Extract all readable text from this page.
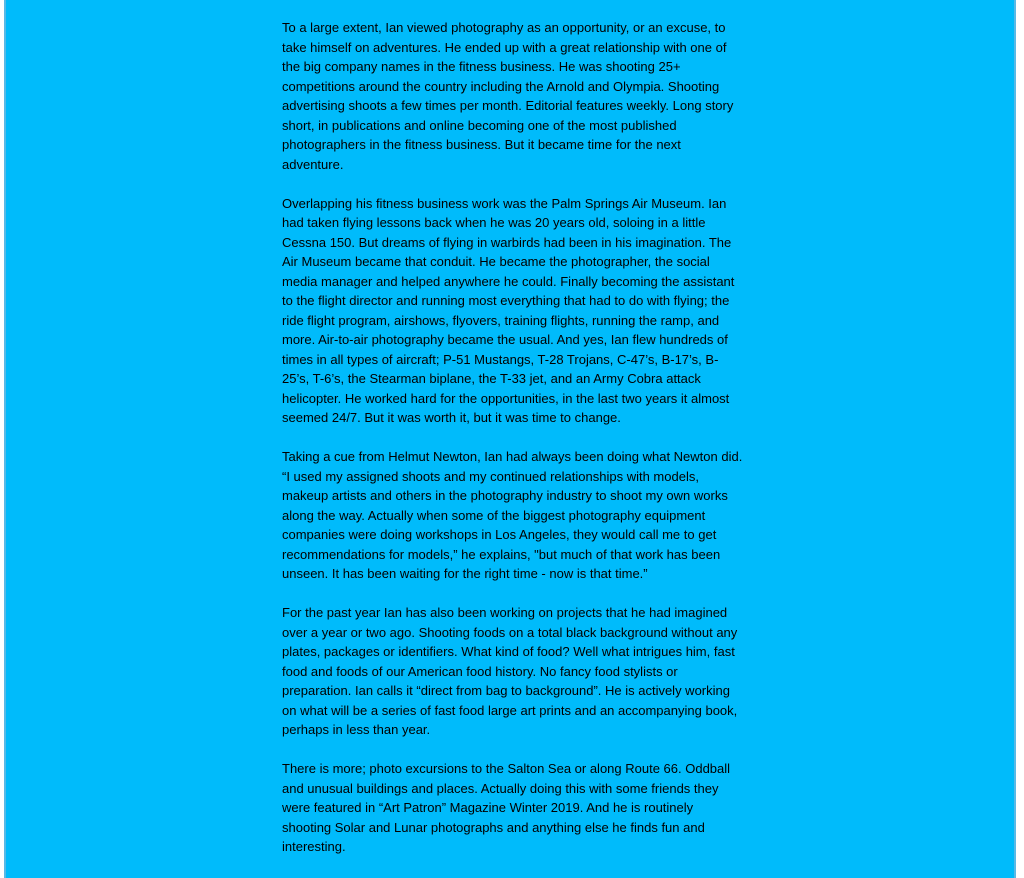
To a large extent, Ian viewed photography as an opportunity, or an excuse, to take himself on adventures. He ended up with a great relationship with one of the big company names in the fitness business. He was shooting 25+ competitions around the country including the Arnold and Olympia. Shooting advertising shoots a few times per month. Editorial features weekly. Long story short, in publications and online becoming one of the most published photographers in the fitness business. But it became time for the next adventure.

Overlapping his fitness business work was the Palm Springs Air Museum. Ian had taken flying lessons back when he was 20 years old, soloing in a little Cessna 150. But dreams of flying in warbirds had been in his imagination. The Air Museum became that conduit. He became the photographer, the social media manager and helped anywhere he could. Finally becoming the assistant to the flight director and running most everything that had to do with flying; the ride flight program, airshows, flyovers, training flights, running the ramp, and more. Air-to-air photography became the usual. And yes, Ian flew hundreds of times in all types of aircraft; P-51 Mustangs, T-28 Trojans, C-47’s, B-17’s, B-25’s, T-6’s, the Stearman biplane, the T-33 jet, and an Army Cobra attack helicopter. He worked hard for the opportunities, in the last two years it almost seemed 24/7. But it was worth it, but it was time to change.

Taking a cue from Helmut Newton, Ian had always been doing what Newton did. “I used my assigned shoots and my continued relationships with models, makeup artists and others in the photography industry to shoot my own works along the way. Actually when some of the biggest photography equipment companies were doing workshops in Los Angeles, they would call me to get recommendations for models,” he explains, "but much of that work has been unseen. It has been waiting for the right time - now is that time.”

For the past year Ian has also been working on projects that he had imagined over a year or two ago. Shooting foods on a total black background without any plates, packages or identifiers. What kind of food? Well what intrigues him, fast food and foods of our American food history. No fancy food stylists or preparation. Ian calls it “direct from bag to background”. He is actively working on what will be a series of fast food large art prints and an accompanying book, perhaps in less than year.

There is more; photo excursions to the Salton Sea or along Route 66. Oddball and unusual buildings and places. Actually doing this with some friends they were featured in “Art Patron” Magazine Winter 2019. And he is routinely shooting Solar and Lunar photographs and anything else he finds fun and interesting.
